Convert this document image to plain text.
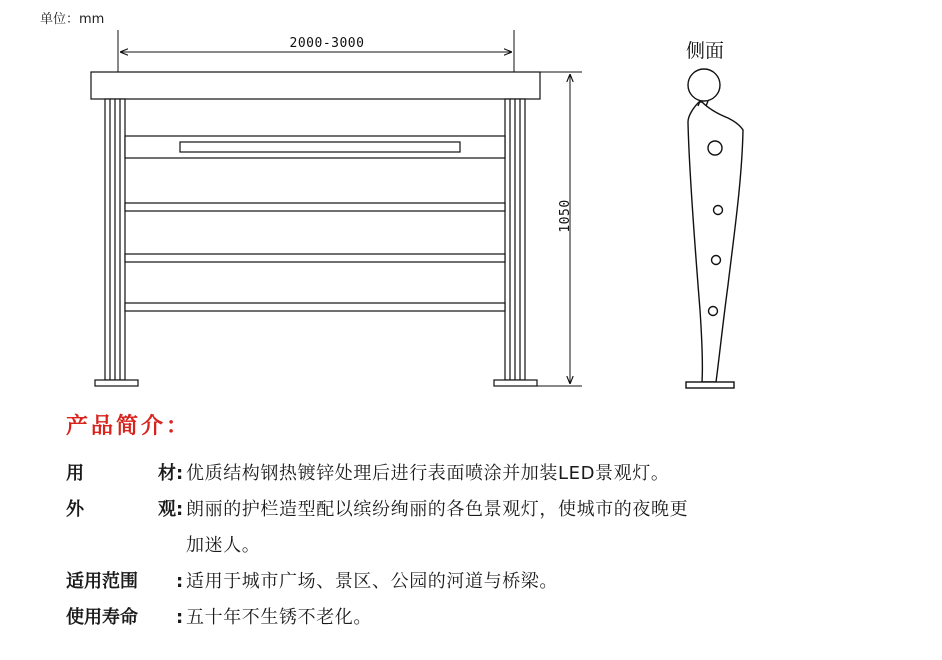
单位：mm
2000-3000
1050
侧面
产品简介：
用	材 : 优质结构钢热镀锌处理后进行表面喷涂并加装LED景观灯。
外	观 : 朗丽的护栏造型配以缤纷绚丽的各色景观灯，使城市的夜晚更
加迷人。
适用范围	: 适用于城市广场、景区、公园的河道与桥梁。
使用寿命	: 五十年不生锈不老化。
